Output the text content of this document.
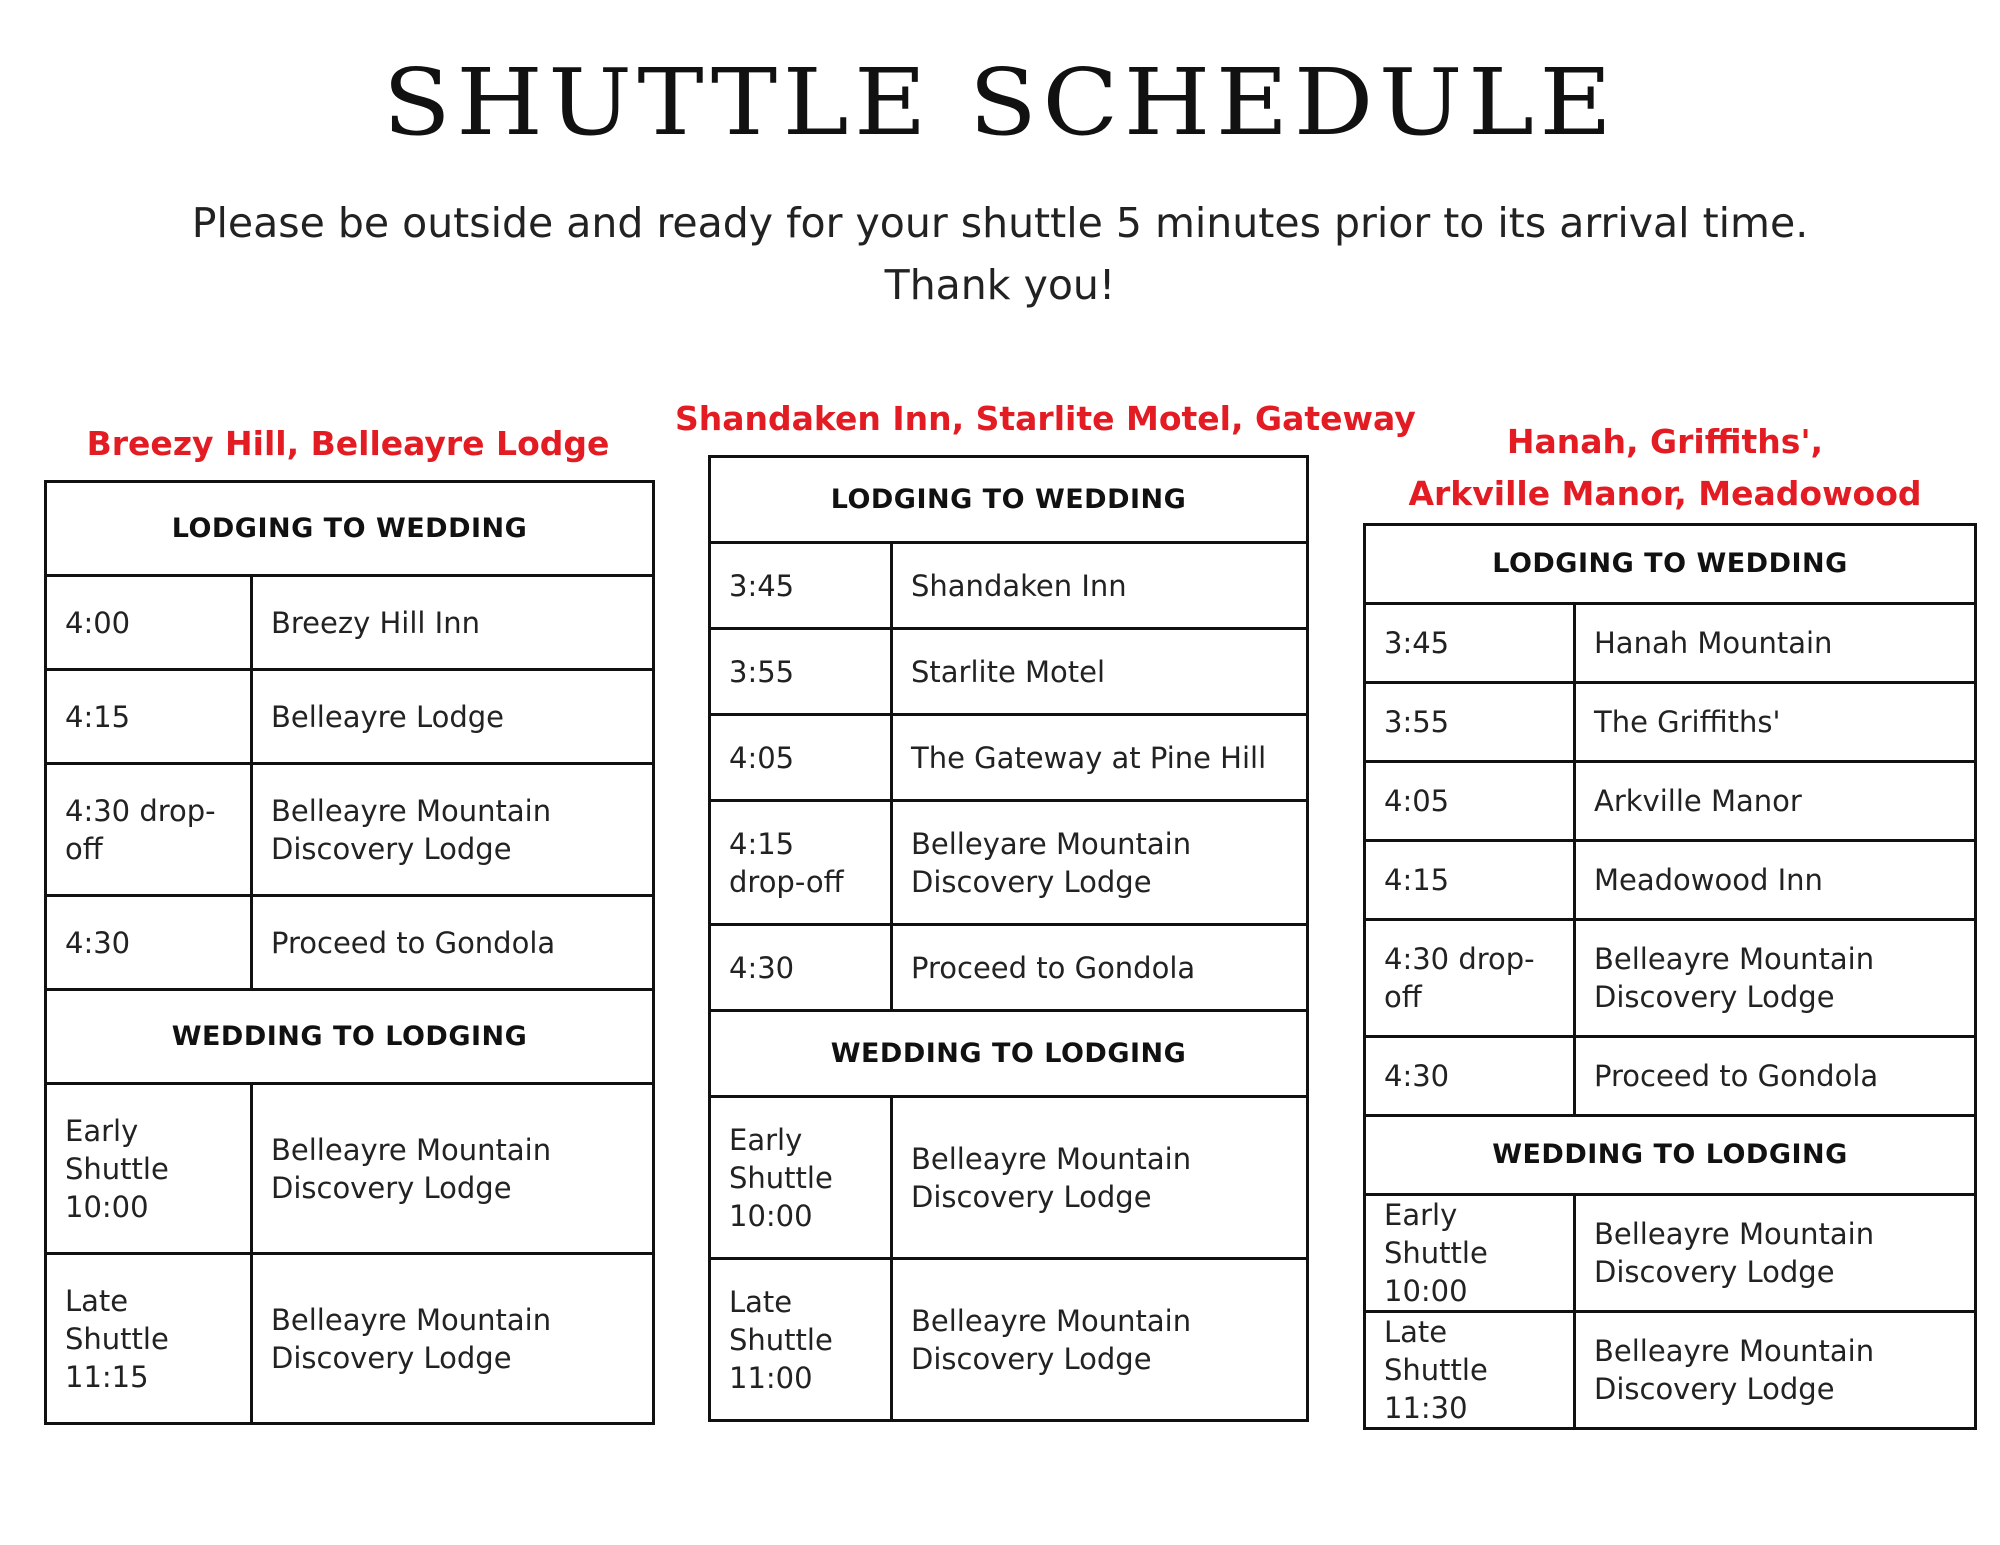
SHUTTLE SCHEDULE
Please be outside and ready for your shuttle 5 minutes prior to its arrival time.
Thank you!
Breezy Hill, Belleayre Lodge
LODGING TO WEDDING	
4:00	Breezy Hill Inn
4:15	Belleayre Lodge
4:30 drop-off	Belleayre Mountain Discovery Lodge
4:30	Proceed to Gondola
WEDDING TO LODGING	
Early Shuttle 10:00	Belleayre Mountain Discovery Lodge
Late Shuttle 11:15	Belleayre Mountain Discovery Lodge
Shandaken Inn, Starlite Motel, Gateway
LODGING TO WEDDING	
3:45	Shandaken Inn
3:55	Starlite Motel
4:05	The Gateway at Pine Hill
4:15 drop-off	Belleyare Mountain Discovery Lodge
4:30	Proceed to Gondola
WEDDING TO LODGING	
Early Shuttle 10:00	Belleayre Mountain Discovery Lodge
Late Shuttle 11:00	Belleayre Mountain Discovery Lodge
Hanah, Griffiths',
Arkville Manor, Meadowood
LODGING TO WEDDING	
3:45	Hanah Mountain
3:55	The Griffiths'
4:05	Arkville Manor
4:15	Meadowood Inn
4:30 drop-off	Belleayre Mountain Discovery Lodge
4:30	Proceed to Gondola
WEDDING TO LODGING	
Early Shuttle 10:00	Belleayre Mountain Discovery Lodge
Late Shuttle 11:30	Belleayre Mountain Discovery Lodge
